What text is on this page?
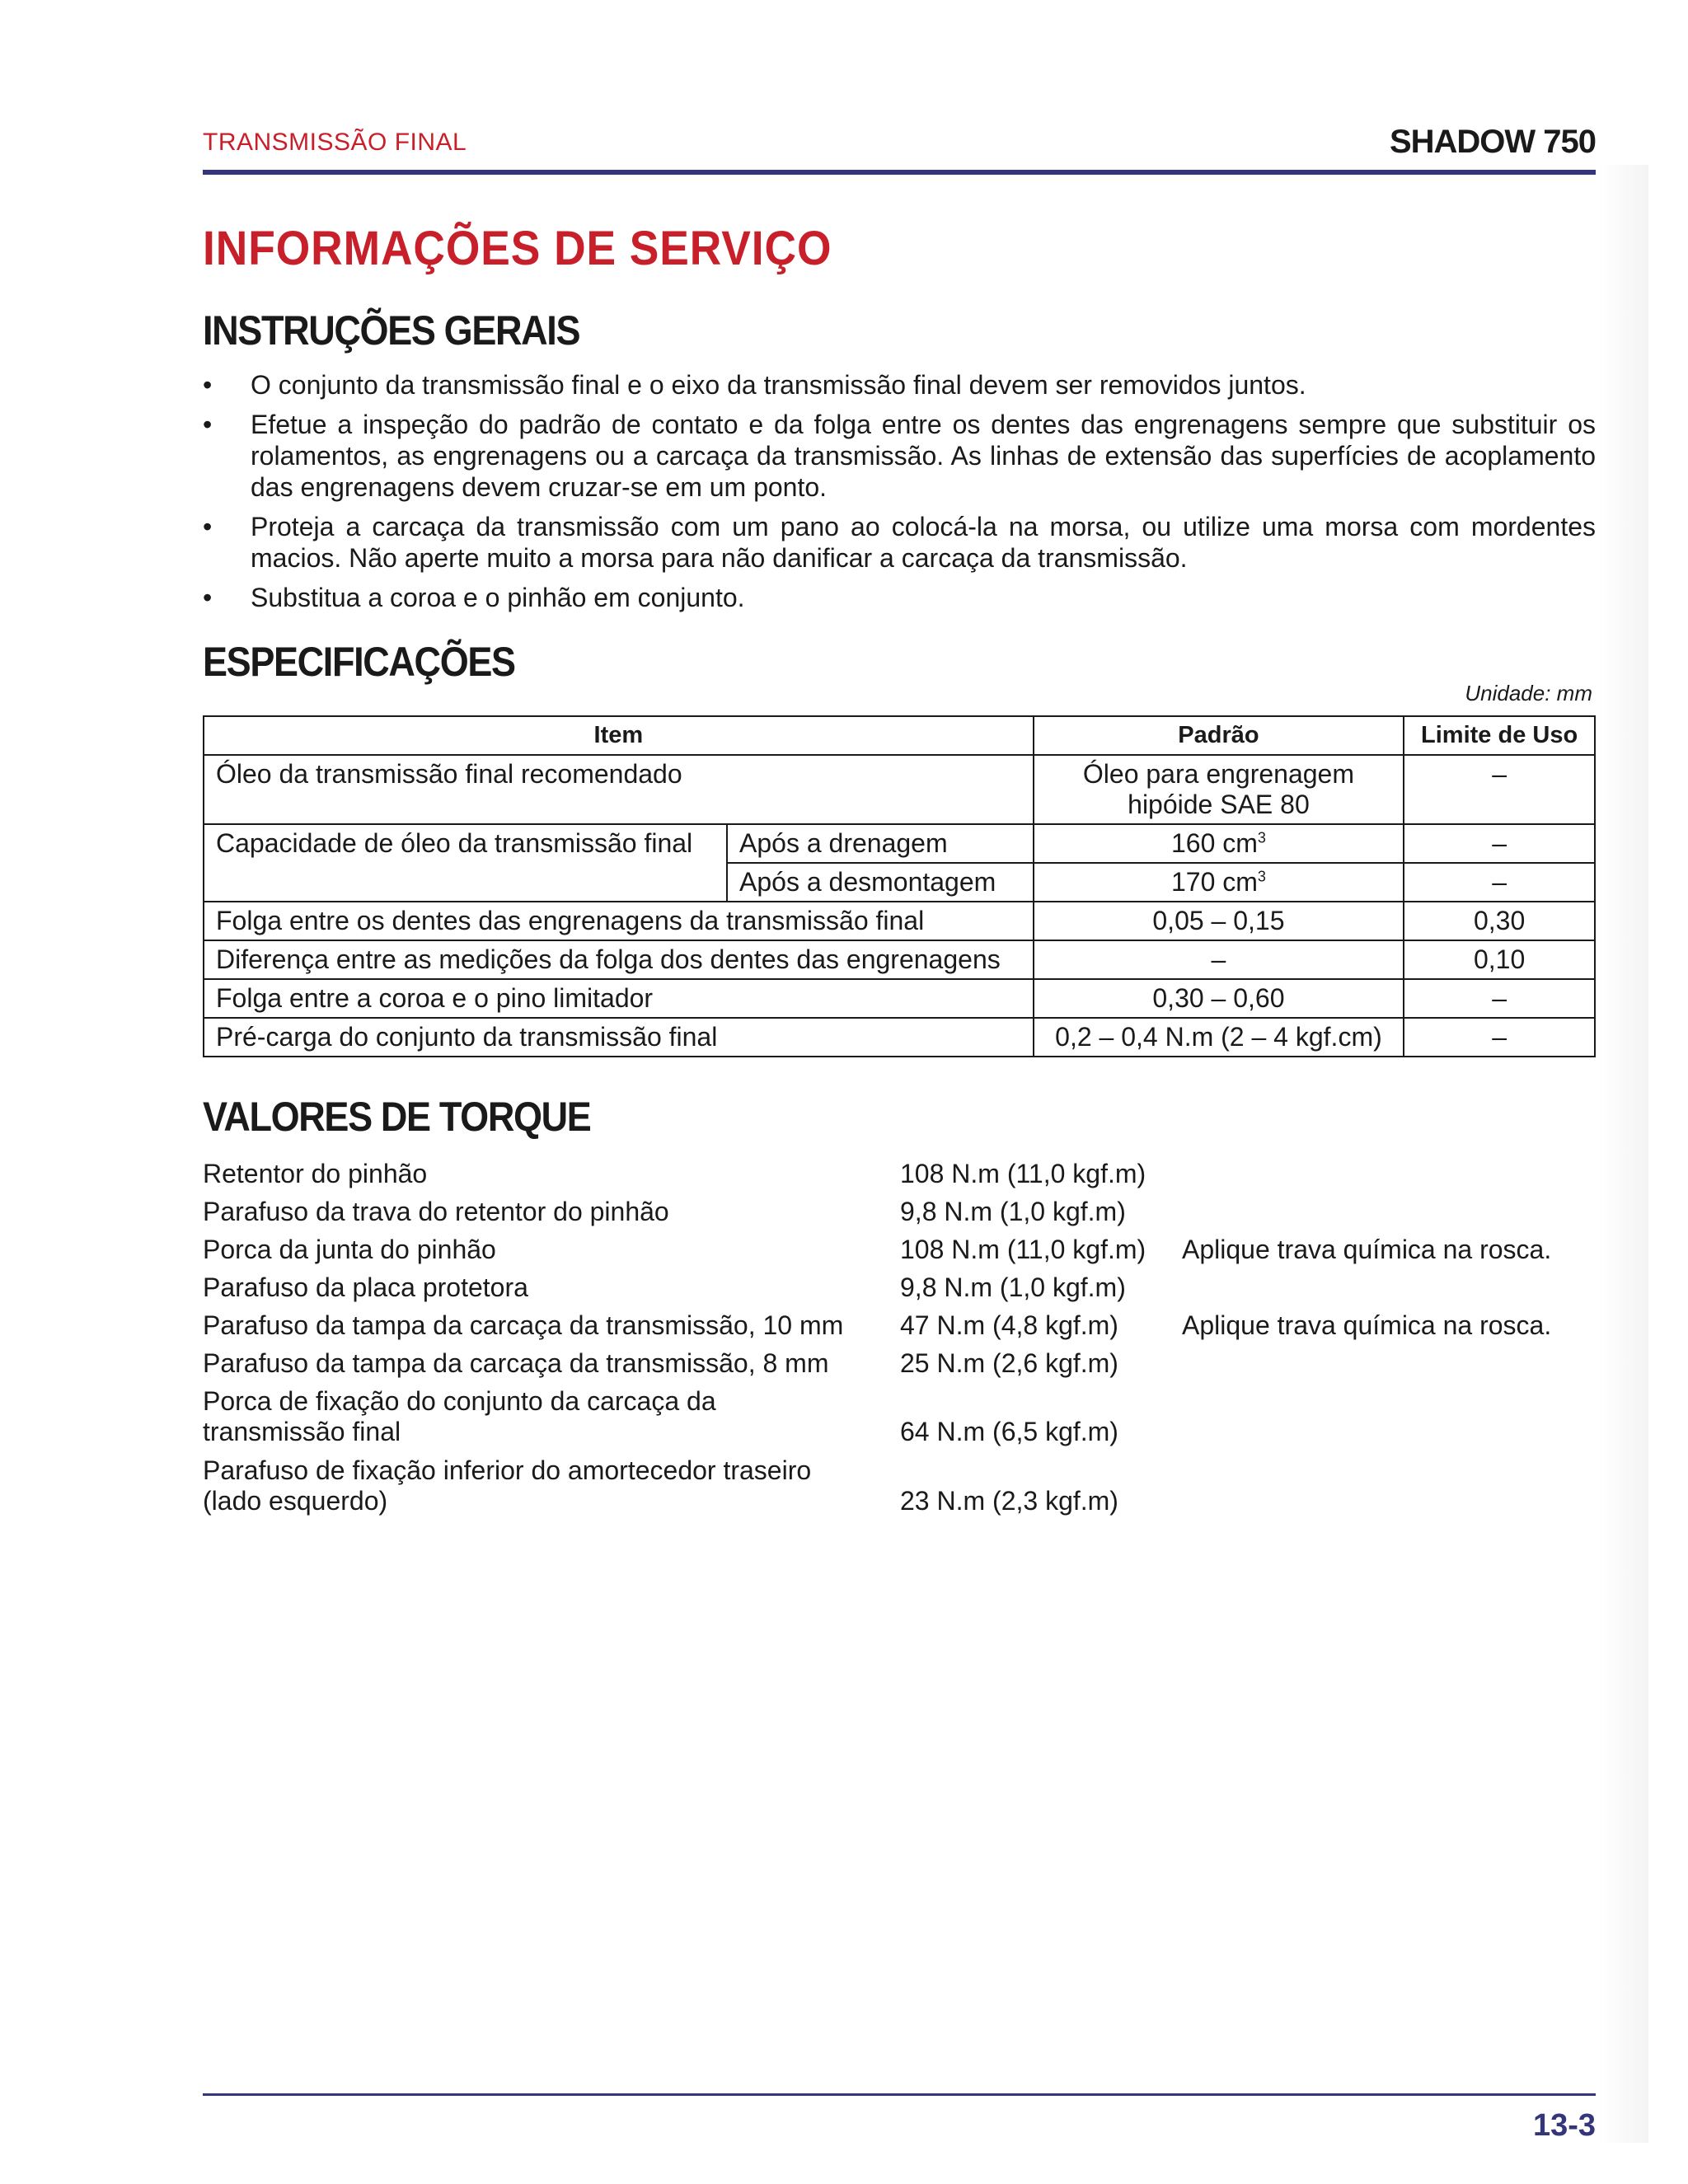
TRANSMISSÃO FINAL	SHADOW 750
INFORMAÇÕES DE SERVIÇO
INSTRUÇÕES GERAIS
• O conjunto da transmissão final e o eixo da transmissão final devem ser removidos juntos.
• Efetue a inspeção do padrão de contato e da folga entre os dentes das engrenagens sempre que substituir os rolamentos, as engrenagens ou a carcaça da transmissão. As linhas de extensão das superfícies de acoplamento das engrenagens devem cruzar-se em um ponto.
• Proteja a carcaça da transmissão com um pano ao colocá-la na morsa, ou utilize uma morsa com mordentes macios. Não aperte muito a morsa para não danificar a carcaça da transmissão.
• Substitua a coroa e o pinhão em conjunto.
ESPECIFICAÇÕES
Unidade: mm
Item		Padrão	Limite de Uso
Óleo da transmissão final recomendado		Óleo para engrenagem hipóide SAE 80	–
Capacidade de óleo da transmissão final	Após a drenagem	160 $cm^3$	–
	Após a desmontagem	170 $cm^3$	–
Folga entre os dentes das engrenagens da transmissão final		0,05 – 0,15	0,30
Diferença entre as medições da folga dos dentes das engrenagens		–	0,10
Folga entre a coroa e o pino limitador		0,30 – 0,60	–
Pré-carga do conjunto da transmissão final		0,2 – 0,4 N.m (2 – 4 kgf.cm)	–
VALORES DE TORQUE
Retentor do pinhão	108 N.m (11,0 kgf.m)
Parafuso da trava do retentor do pinhão	9,8 N.m (1,0 kgf.m)
Porca da junta do pinhão	108 N.m (11,0 kgf.m) Aplique trava química na rosca.
Parafuso da placa protetora	9,8 N.m (1,0 kgf.m)
Parafuso da tampa da carcaça da transmissão, 10 mm	47 N.m (4,8 kgf.m) Aplique trava química na rosca.
Parafuso da tampa da carcaça da transmissão, 8 mm	25 N.m (2,6 kgf.m)
Porca de fixação do conjunto da carcaça da transmissão final	64 N.m (6,5 kgf.m)
Parafuso de fixação inferior do amortecedor traseiro (lado esquerdo)	23 N.m (2,3 kgf.m)
13-3
